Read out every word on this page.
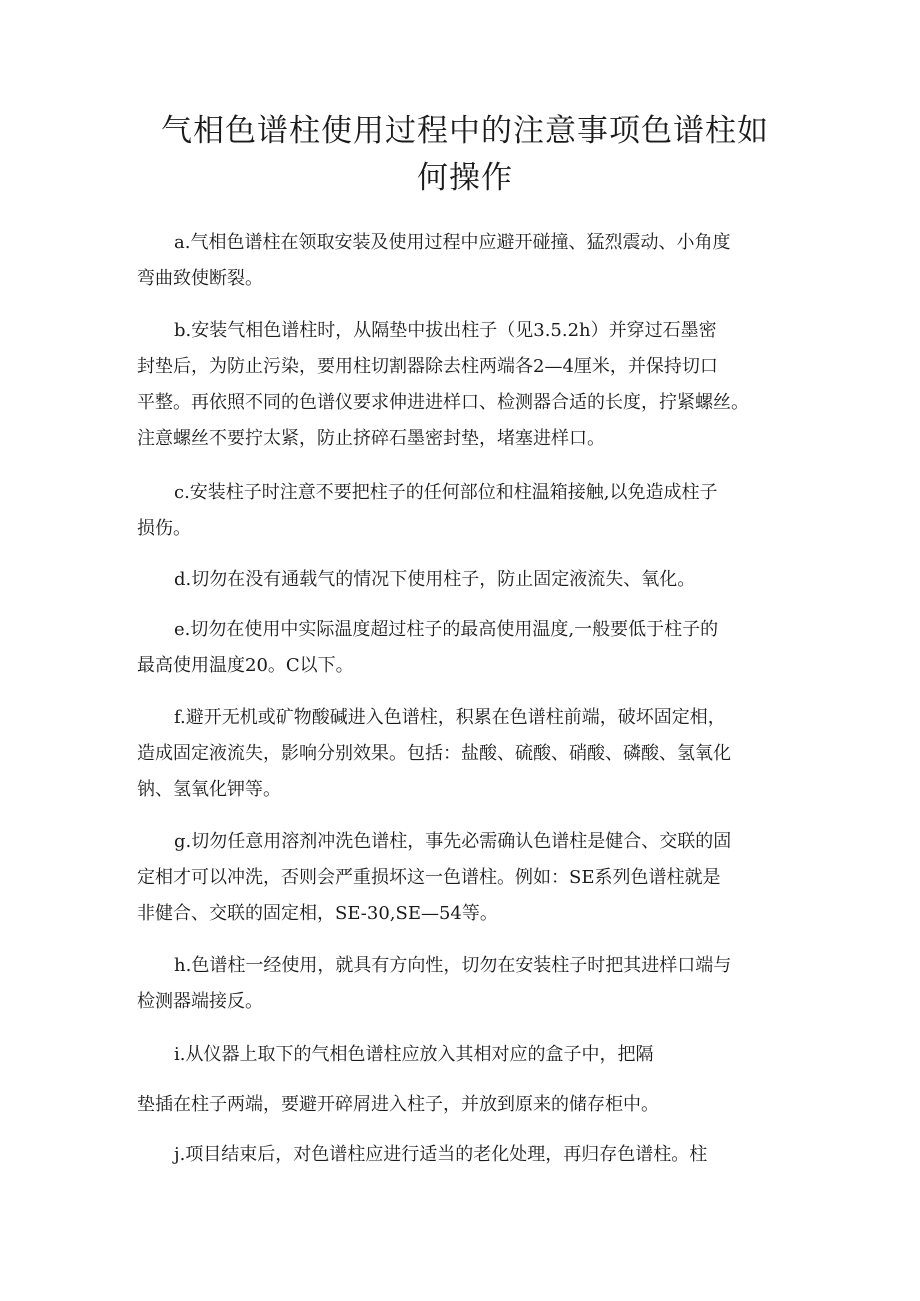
气相色谱柱使用过程中的注意事项色谱柱如
何操作
a.气相色谱柱在领取安装及使用过程中应避开碰撞、猛烈震动、小角度
弯曲致使断裂。
b.安装气相色谱柱时，从隔垫中拔出柱子（见3.5.2h）并穿过石墨密
封垫后，为防止污染，要用柱切割器除去柱两端各2—4厘米，并保持切口
平整。再依照不同的色谱仪要求伸进进样口、检测器合适的长度，拧紧螺丝。
注意螺丝不要拧太紧，防止挤碎石墨密封垫，堵塞进样口。
c.安装柱子时注意不要把柱子的任何部位和柱温箱接触,以免造成柱子
损伤。
d.切勿在没有通载气的情况下使用柱子，防止固定液流失、氧化。
e.切勿在使用中实际温度超过柱子的最高使用温度,一般要低于柱子的
最高使用温度20。C以下。
f.避开无机或矿物酸碱进入色谱柱，积累在色谱柱前端，破坏固定相，
造成固定液流失，影响分别效果。包括：盐酸、硫酸、硝酸、磷酸、氢氧化
钠、氢氧化钾等。
g.切勿任意用溶剂冲洗色谱柱，事先必需确认色谱柱是健合、交联的固
定相才可以冲洗，否则会严重损坏这一色谱柱。例如：SE系列色谱柱就是
非健合、交联的固定相，SE-30,SE—54等。
h.色谱柱一经使用，就具有方向性，切勿在安装柱子时把其进样口端与
检测器端接反。
i.从仪器上取下的气相色谱柱应放入其相对应的盒子中，把隔
垫插在柱子两端，要避开碎屑进入柱子，并放到原来的储存柜中。
j.项目结束后，对色谱柱应进行适当的老化处理，再归存色谱柱。柱
